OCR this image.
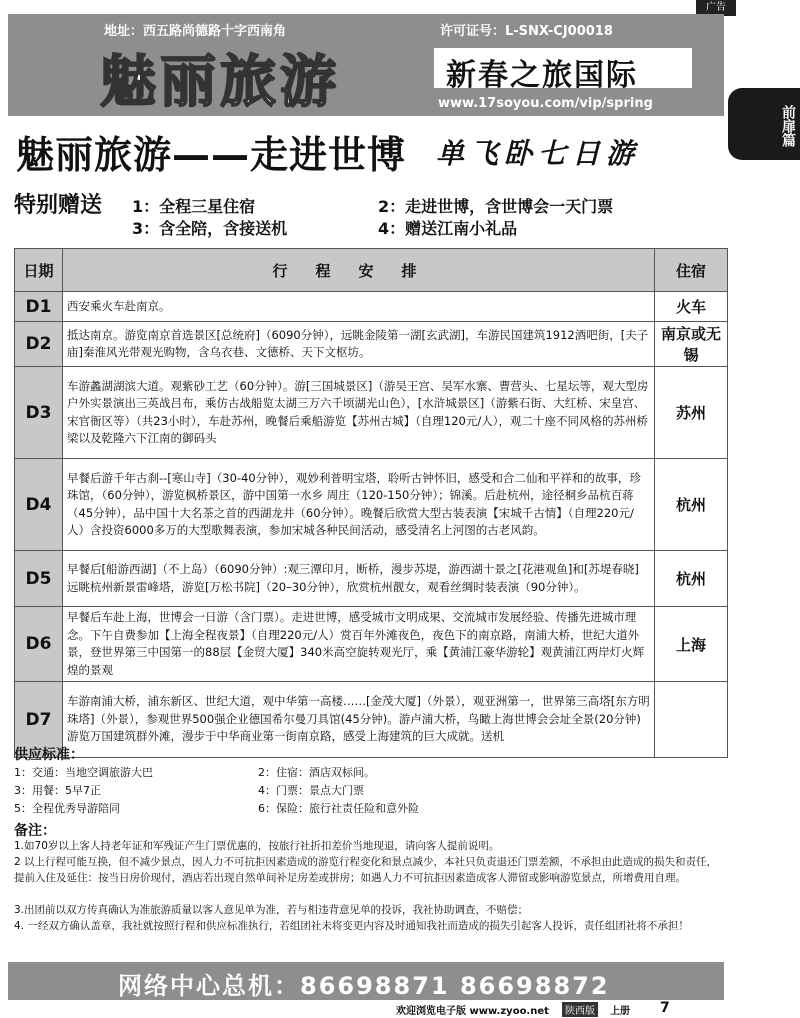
广告
前扉篇
地址：西五路尚德路十字西南角	许可证号：L-SNX-CJ00018
魅丽旅游	新春之旅国际
www.17soyou.com/vip/spring
魅丽旅游——走进世博 单飞卧七日游
特别赠送 1：全程三星住宿	2：走进世博，含世博会一天门票
3：含全陪，含接送机	4：赠送江南小礼品
日期	行程安排	住宿
D1	西安乘火车赴南京。	火车
D2	抵达南京。游览南京首选景区[总统府]（6090分钟），远眺金陵第一湖[玄武湖]，车游民国建筑1912酒吧街，[夫子庙]秦淮风光带观光购物，含乌衣巷、文德桥、天下文枢坊。	南京或无锡
D3	车游蠡湖湖滨大道。观紫砂工艺（60分钟）。游[三国城景区]（游吴王宫、吴军水寨、曹营头、七星坛等，观大型房户外实景演出三英战吕布，乘仿古战船览太湖三万六千顷湖光山色），[水浒城景区]（游紫石街、大红桥、宋皇宫、宋官衙区等）（共23小时），车赴苏州，晚餐后乘船游览【苏州古城】（自理120元/人），观二十座不同风格的苏州桥梁以及乾隆六下江南的御码头	苏州
D4	早餐后游千年古刹--[寒山寺]（30-40分钟），观妙利普明宝塔，聆听古钟怀旧，感受和合二仙和平祥和的故事，珍珠馆，（60分钟），游览枫桥景区，游中国第一水乡 周庄（120-150分钟）；锦溪。后赴杭州，途径桐乡品杭百蒋（45分钟），品中国十大名茶之首的西湖龙井（60分钟）。晚餐后欣赏大型古装表演【宋城千古情】（自理220元/人）含投资6000多万的大型歌舞表演，参加宋城各种民间活动，感受清名上河图的古老风韵。	杭州
D5	早餐后[船游西湖]（不上岛）（6090分钟）:观三潭印月，断桥，漫步苏堤，游西湖十景之[花港观鱼]和[苏堤春晓]远眺杭州新景雷峰塔，游览[万松书院]（20–30分钟），欣赏杭州靓女，观看丝绸时装表演（90分钟）。	杭州
D6	早餐后车赴上海，世博会一日游（含门票）。走进世博，感受城市文明成果、交流城市发展经验、传播先进城市理念。下午自费参加【上海全程夜景】（自理220元/人）赏百年外滩夜色，夜色下的南京路，南浦大桥，世纪大道外景，登世界第三中国第一的88层【金贸大厦】340米高空旋转观光厅，乘【黄浦江豪华游轮】观黄浦江两岸灯火辉煌的景观	上海
D7	车游南浦大桥，浦东新区、世纪大道，观中华第一高楼……[金茂大厦]（外景），观亚洲第一，世界第三高塔[东方明珠塔]（外景），参观世界500强企业德国希尔曼刀具馆(45分钟)。游卢浦大桥，鸟瞰上海世博会会址全景(20分钟)游览万国建筑群外滩，漫步于中华商业第一街南京路，感受上海建筑的巨大成就。送机	
供应标准：
1：交通：当地空调旅游大巴	2：住宿：酒店双标间。
3：用餐：5早7正	4：门票：景点大门票
5：全程优秀导游陪同	6：保险：旅行社责任险和意外险
备注：
1.如70岁以上客人持老年证和军残证产生门票优惠的，按旅行社折扣差价当地现退，请向客人提前说明。
2 以上行程可能互换，但不减少景点，因人力不可抗拒因素造成的游览行程变化和景点减少，本社只负责退还门票差额，不承担由此造成的损失和责任，提前入住及延住：按当日房价现付，酒店若出现自然单间补足房差或拼房；如遇人力不可抗拒因素造成客人滞留或影响游览景点，所增费用自理。
3.出团前以双方传真确认为准旅游质量以客人意见单为准，若与相违背意见单的投诉，我社协助调查，不赔偿；
4. 一经双方确认盖章，我社就按照行程和供应标准执行，若组团社未将变更内容及时通知我社而造成的损失引起客人投诉，责任组团社将不承担！
网络中心总机：86698871 86698872
欢迎浏览电子版 www.zyoo.net	陕西版	上册 7
